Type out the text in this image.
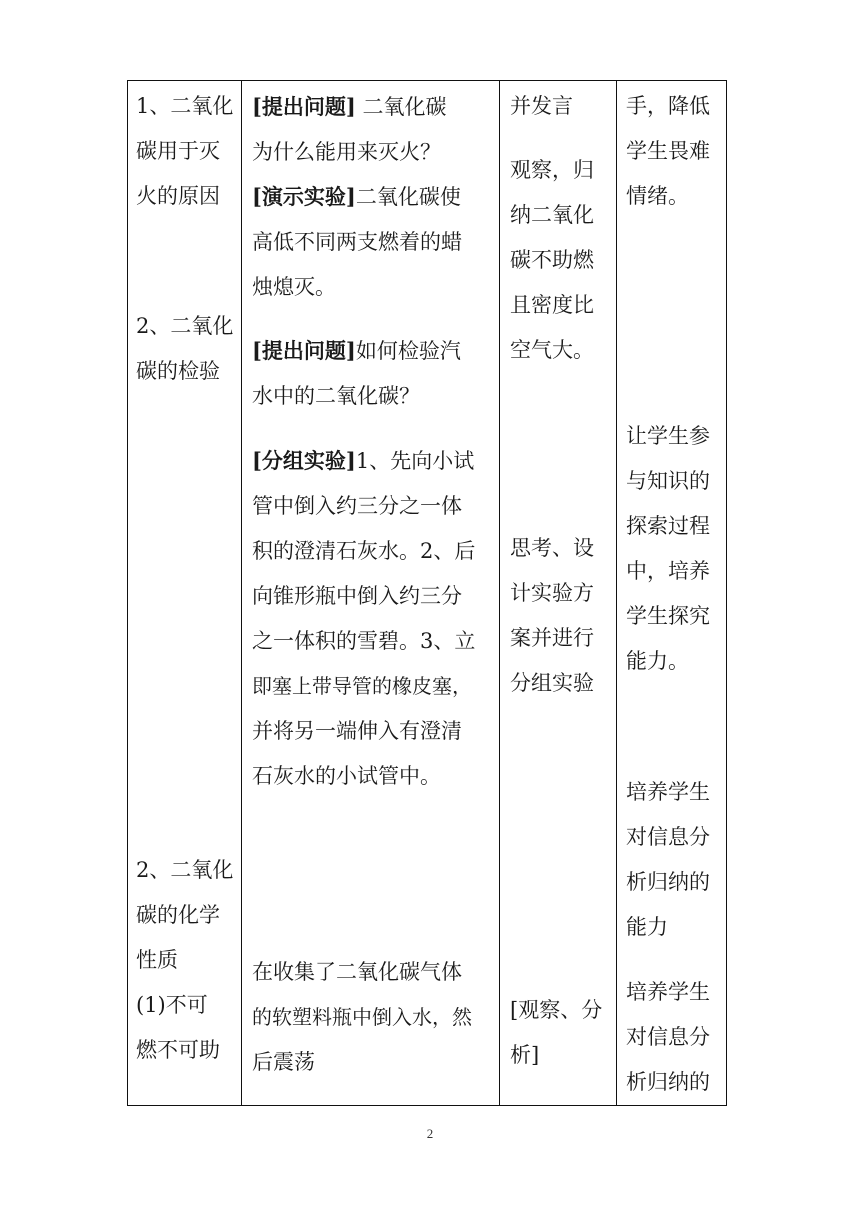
1、二氧化
碳用于灭
火的原因
2、二氧化
碳的检验
2、二氧化
碳的化学
性质
(1)不可
燃不可助
[提出问题] 二氧化碳
为什么能用来灭火？
[演示实验]二氧化碳使
高低不同两支燃着的蜡
烛熄灭。
[提出问题]如何检验汽
水中的二氧化碳？
[分组实验]1、先向小试
管中倒入约三分之一体
积的澄清石灰水。2、后
向锥形瓶中倒入约三分
之一体积的雪碧。3、立
即塞上带导管的橡皮塞，
并将另一端伸入有澄清
石灰水的小试管中。
在收集了二氧化碳气体
的软塑料瓶中倒入水，然
后震荡
并发言
观察，归
纳二氧化
碳不助燃
且密度比
空气大。
思考、设
计实验方
案并进行
分组实验
[观察、分
析]
手，降低
学生畏难
情绪。
让学生参
与知识的
探索过程
中，培养
学生探究
能力。
培养学生
对信息分
析归纳的
能力
培养学生
对信息分
析归纳的
2
